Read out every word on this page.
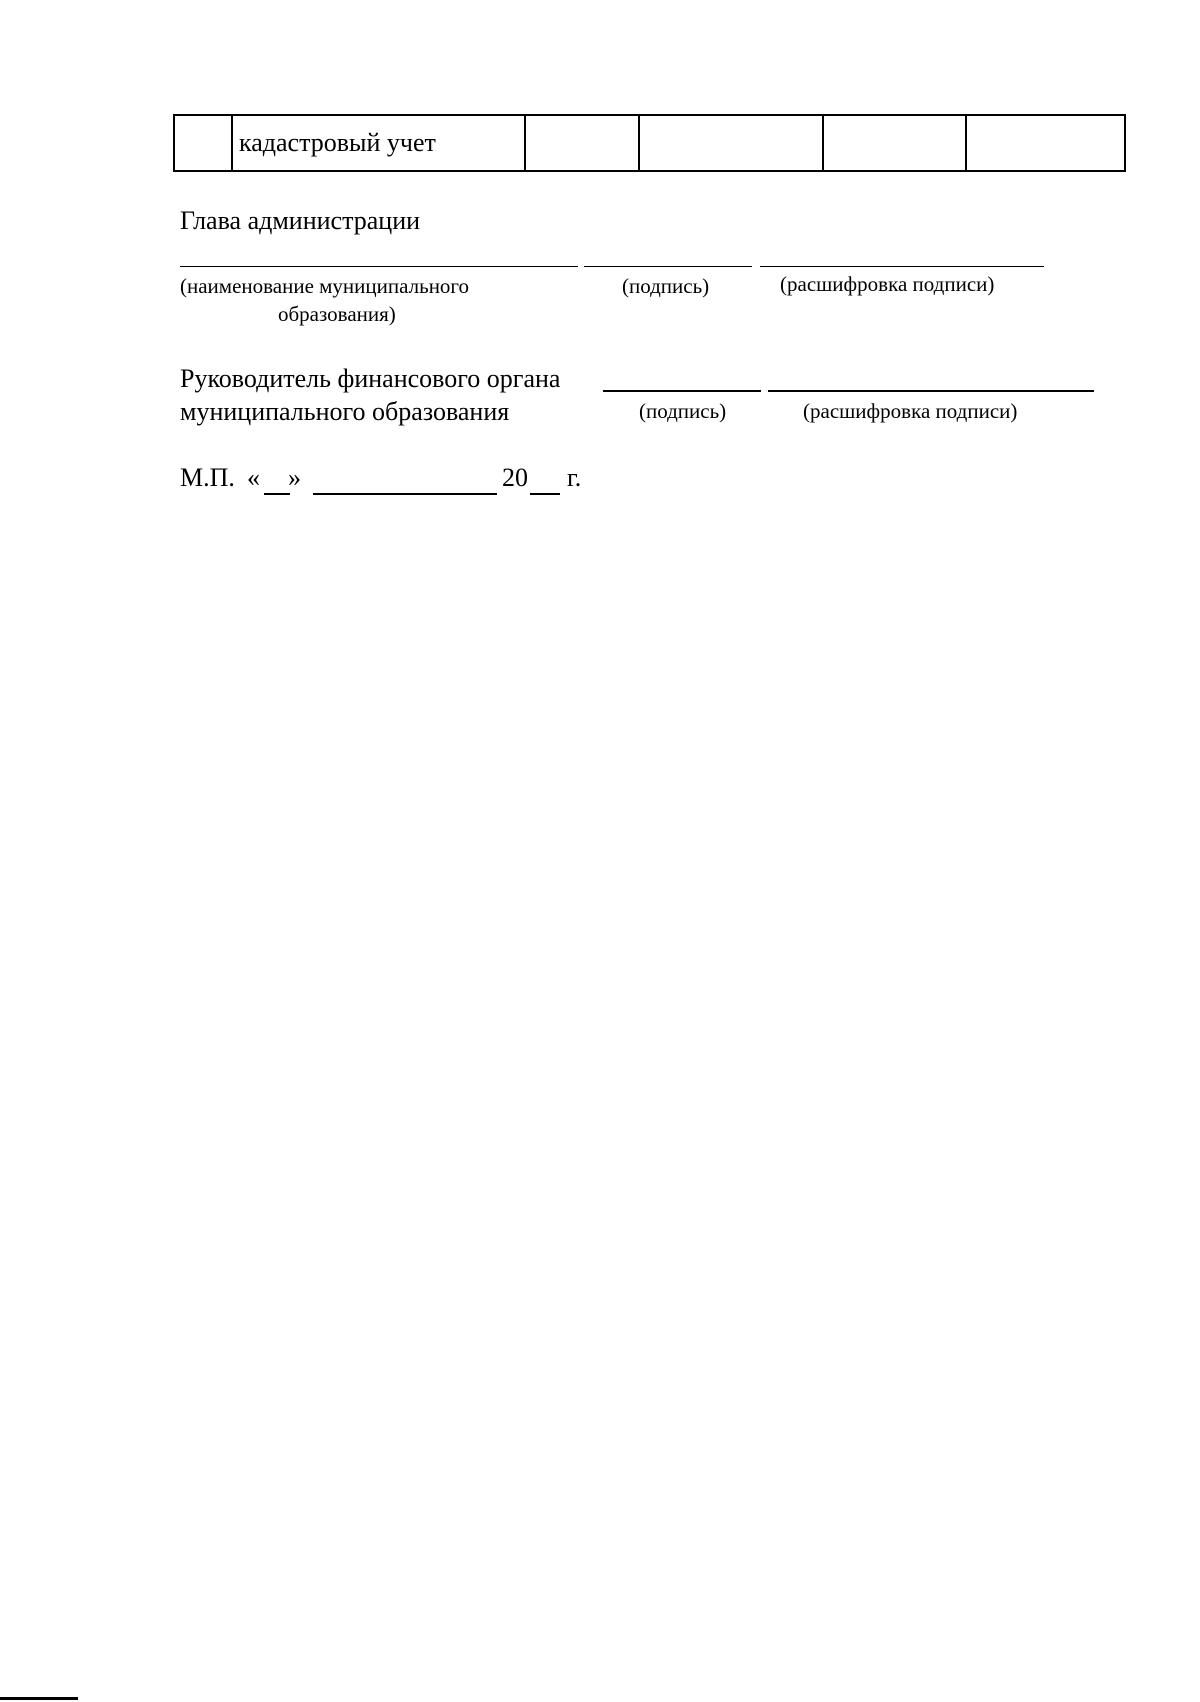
	кадастровый учет				
Глава администрации
(наименование муниципального
образования)
(подпись)	(расшифровка подписи)
Руководитель финансового органа
муниципального образования	(подпись)	(расшифровка подписи)
М.П. « »	20 г.
